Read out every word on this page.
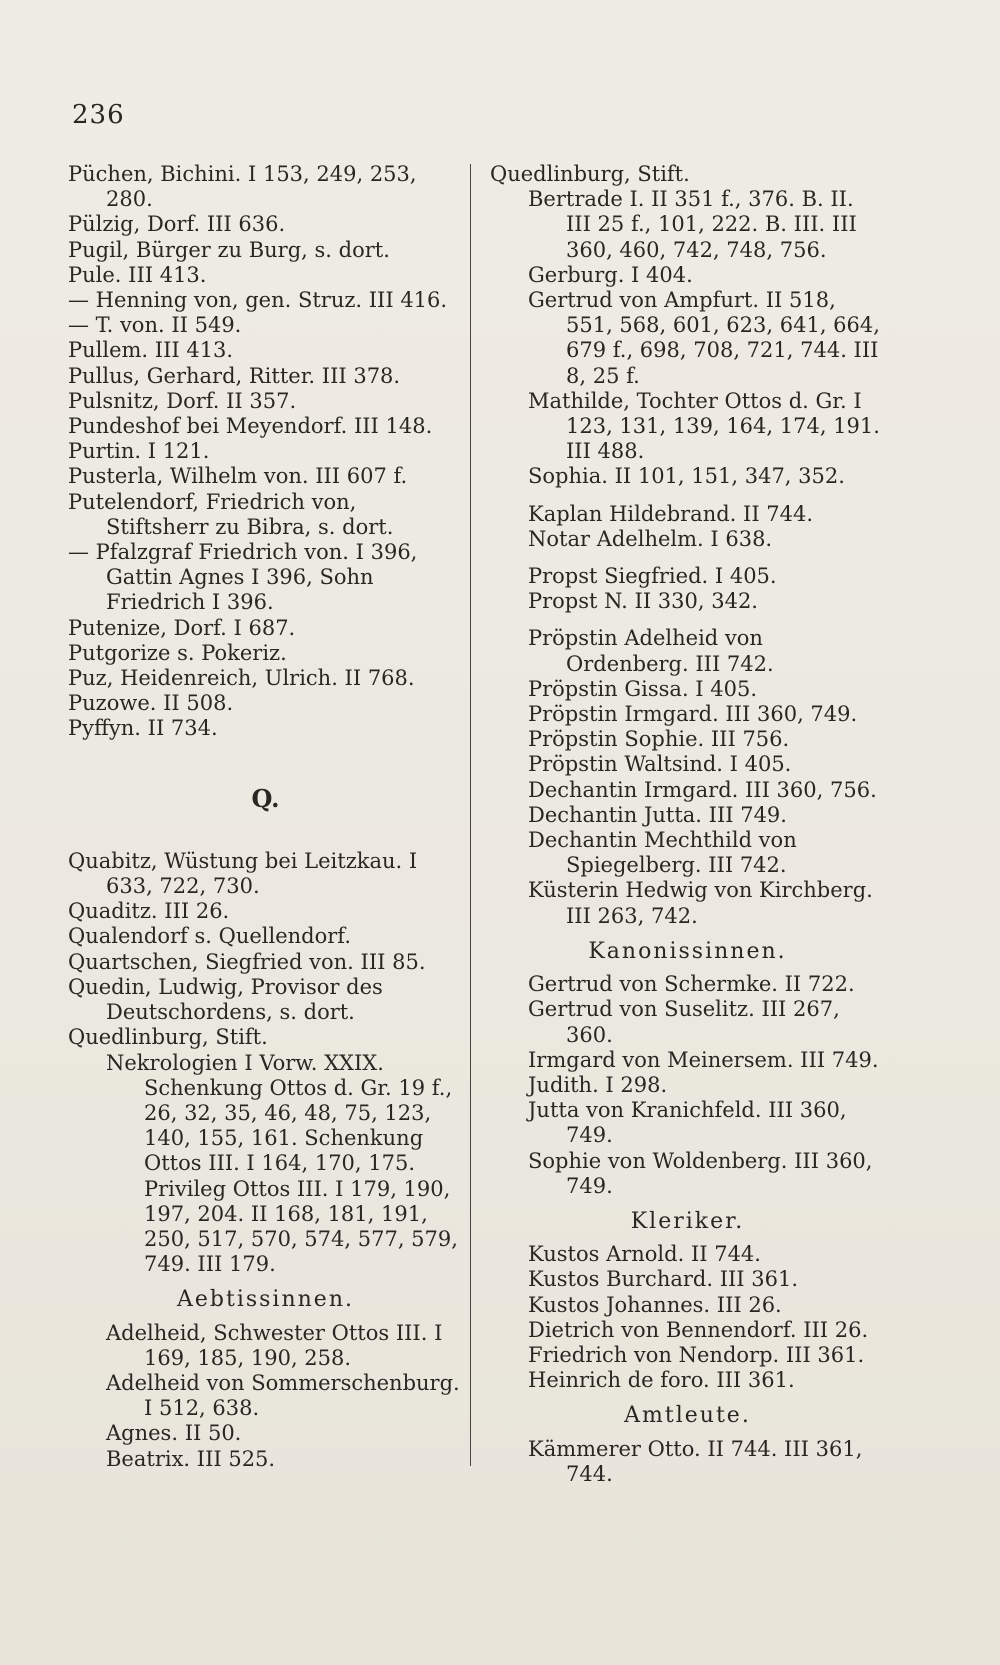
236
Püchen, Bichini. I 153, 249, 253, 280.
Pülzig, Dorf. III 636.
Pugil, Bürger zu Burg, s. dort.
Pule. III 413.
— Henning von, gen. Struz. III 416.
— T. von. II 549.
Pullem. III 413.
Pullus, Gerhard, Ritter. III 378.
Pulsnitz, Dorf. II 357.
Pundeshof bei Meyendorf. III 148.
Purtin. I 121.
Pusterla, Wilhelm von. III 607 f.
Putelendorf, Friedrich von, Stiftsherr zu Bibra, s. dort.
— Pfalzgraf Friedrich von. I 396, Gattin Agnes I 396, Sohn Friedrich I 396.
Putenize, Dorf. I 687.
Putgorize s. Pokeriz.
Puz, Heidenreich, Ulrich. II 768.
Puzowe. II 508.
Pyffyn. II 734.
Q.
Quabitz, Wüstung bei Leitzkau. I 633, 722, 730.
Quaditz. III 26.
Qualendorf s. Quellendorf.
Quartschen, Siegfried von. III 85.
Quedin, Ludwig, Provisor des Deutschordens, s. dort.
Quedlinburg, Stift.
Nekrologien I Vorw. XXIX. Schenkung Ottos d. Gr. 19 f., 26, 32, 35, 46, 48, 75, 123, 140, 155, 161. Schenkung Ottos III. I 164, 170, 175. Privileg Ottos III. I 179, 190, 197, 204. II 168, 181, 191, 250, 517, 570, 574, 577, 579, 749. III 179.
Aebtissinnen.
Adelheid, Schwester Ottos III. I 169, 185, 190, 258.
Adelheid von Sommerschenburg. I 512, 638.
Agnes. II 50.
Beatrix. III 525.
Quedlinburg, Stift.
Bertrade I. II 351 f., 376. B. II. III 25 f., 101, 222. B. III. III 360, 460, 742, 748, 756.
Gerburg. I 404.
Gertrud von Ampfurt. II 518, 551, 568, 601, 623, 641, 664, 679 f., 698, 708, 721, 744. III 8, 25 f.
Mathilde, Tochter Ottos d. Gr. I 123, 131, 139, 164, 174, 191. III 488.
Sophia. II 101, 151, 347, 352.
Kaplan Hildebrand. II 744.
Notar Adelhelm. I 638.
Propst Siegfried. I 405.
Propst N. II 330, 342.
Pröpstin Adelheid von Ordenberg. III 742.
Pröpstin Gissa. I 405.
Pröpstin Irmgard. III 360, 749.
Pröpstin Sophie. III 756.
Pröpstin Waltsind. I 405.
Dechantin Irmgard. III 360, 756.
Dechantin Jutta. III 749.
Dechantin Mechthild von Spiegelberg. III 742.
Küsterin Hedwig von Kirchberg. III 263, 742.
Kanonissinnen.
Gertrud von Schermke. II 722.
Gertrud von Suselitz. III 267, 360.
Irmgard von Meinersem. III 749.
Judith. I 298.
Jutta von Kranichfeld. III 360, 749.
Sophie von Woldenberg. III 360, 749.
Kleriker.
Kustos Arnold. II 744.
Kustos Burchard. III 361.
Kustos Johannes. III 26.
Dietrich von Bennendorf. III 26.
Friedrich von Nendorp. III 361.
Heinrich de foro. III 361.
Amtleute.
Kämmerer Otto. II 744. III 361, 744.
